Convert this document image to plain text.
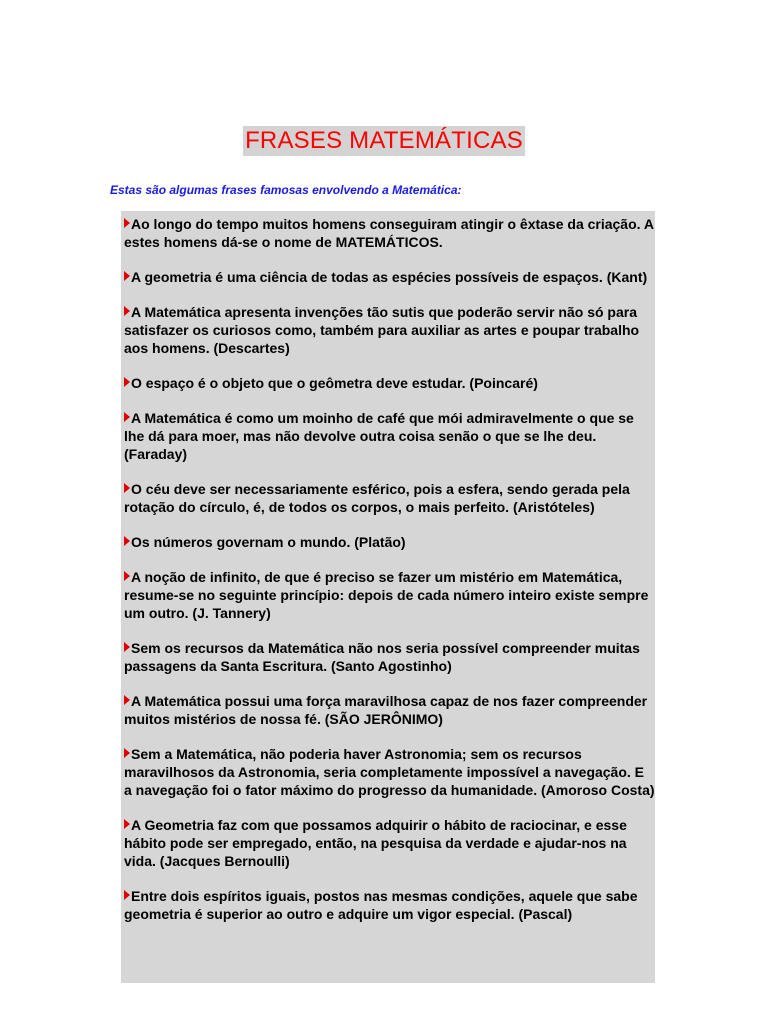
FRASES MATEMÁTICAS

Estas são algumas frases famosas envolvendo a Matemática:

Ao longo do tempo muitos homens conseguiram atingir o êxtase da criação. A estes homens dá-se o nome de MATEMÁTICOS.

A geometria é uma ciência de todas as espécies possíveis de espaços. (Kant)

A Matemática apresenta invenções tão sutis que poderão servir não só para satisfazer os curiosos como, também para auxiliar as artes e poupar trabalho aos homens. (Descartes)

O espaço é o objeto que o geômetra deve estudar. (Poincaré)

A Matemática é como um moinho de café que mói admiravelmente o que se lhe dá para moer, mas não devolve outra coisa senão o que se lhe deu. (Faraday)

O céu deve ser necessariamente esférico, pois a esfera, sendo gerada pela rotação do círculo, é, de todos os corpos, o mais perfeito. (Aristóteles)

Os números governam o mundo. (Platão)

A noção de infinito, de que é preciso se fazer um mistério em Matemática, resume-se no seguinte princípio: depois de cada número inteiro existe sempre um outro. (J. Tannery)

Sem os recursos da Matemática não nos seria possível compreender muitas passagens da Santa Escritura. (Santo Agostinho)

A Matemática possui uma força maravilhosa capaz de nos fazer compreender muitos mistérios de nossa fé. (SÃO JERÔNIMO)

Sem a Matemática, não poderia haver Astronomia; sem os recursos maravilhosos da Astronomia, seria completamente impossível a navegação. E a navegação foi o fator máximo do progresso da humanidade. (Amoroso Costa)

A Geometria faz com que possamos adquirir o hábito de raciocinar, e esse hábito pode ser empregado, então, na pesquisa da verdade e ajudar-nos na vida. (Jacques Bernoulli)

Entre dois espíritos iguais, postos nas mesmas condições, aquele que sabe geometria é superior ao outro e adquire um vigor especial. (Pascal)
